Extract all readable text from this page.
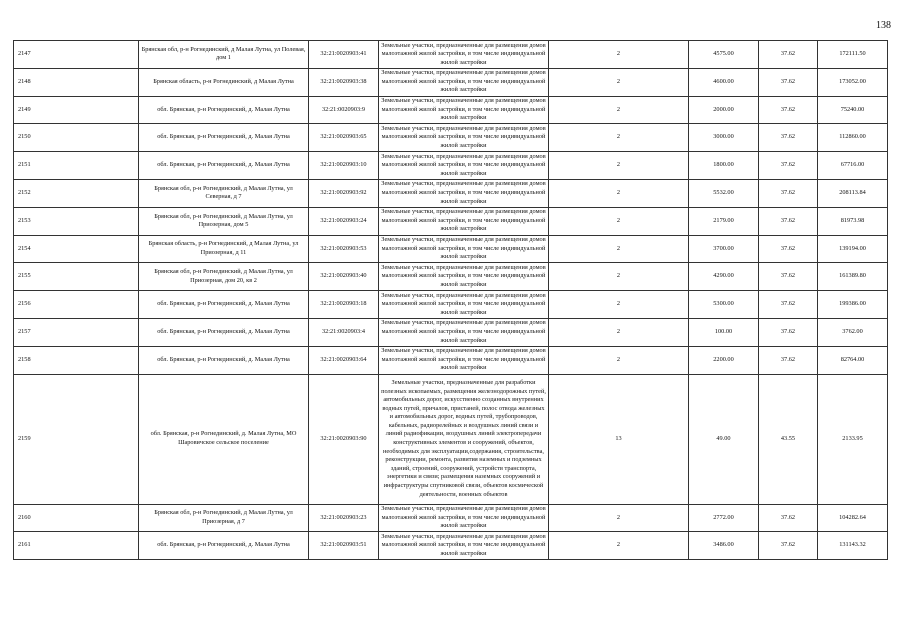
138
2147	Брянская обл, р-н Рогнединский, д Малая Лутна, ул Полевая, дом 1	32:21:0020903:41	Земельные участки, предназначенные для размещения домов малоэтажной жилой застройки, в том числе индивидуальной жилой застройки	2	4575.00	37.62	172111.50
2148	Брянская область, р-н Рогнединский, д Малая Лутна	32:21:0020903:38	Земельные участки, предназначенные для размещения домов малоэтажной жилой застройки, в том числе индивидуальной жилой застройки	2	4600.00	37.62	173052.00
2149	обл. Брянская, р-н Рогнединский, д. Малая Лутна	32:21:0020903:9	Земельные участки, предназначенные для размещения домов малоэтажной жилой застройки, в том числе индивидуальной жилой застройки	2	2000.00	37.62	75240.00
2150	обл. Брянская, р-н Рогнединский, д. Малая Лутна	32:21:0020903:65	Земельные участки, предназначенные для размещения домов малоэтажной жилой застройки, в том числе индивидуальной жилой застройки	2	3000.00	37.62	112860.00
2151	обл. Брянская, р-н Рогнединский, д. Малая Лутна	32:21:0020903:10	Земельные участки, предназначенные для размещения домов малоэтажной жилой застройки, в том числе индивидуальной жилой застройки	2	1800.00	37.62	67716.00
2152	Брянская обл, р-н Рогнединский, д Малая Лутна, ул Северная, д 7	32:21:0020903:92	Земельные участки, предназначенные для размещения домов малоэтажной жилой застройки, в том числе индивидуальной жилой застройки	2	5532.00	37.62	208113.84
2153	Брянская обл, р-н Рогнединский, д Малая Лутна, ул Приозерная, дом 5	32:21:0020903:24	Земельные участки, предназначенные для размещения домов малоэтажной жилой застройки, в том числе индивидуальной жилой застройки	2	2179.00	37.62	81973.98
2154	Брянская область, р-н Рогнединский, д Малая Лутна, ул Приозерная, д 11	32:21:0020903:53	Земельные участки, предназначенные для размещения домов малоэтажной жилой застройки, в том числе индивидуальной жилой застройки	2	3700.00	37.62	139194.00
2155	Брянская обл, р-н Рогнединский, д Малая Лутна, ул Приозерная, дом 20, кв 2	32:21:0020903:40	Земельные участки, предназначенные для размещения домов малоэтажной жилой застройки, в том числе индивидуальной жилой застройки	2	4290.00	37.62	161389.80
2156	обл. Брянская, р-н Рогнединский, д. Малая Лутна	32:21:0020903:18	Земельные участки, предназначенные для размещения домов малоэтажной жилой застройки, в том числе индивидуальной жилой застройки	2	5300.00	37.62	199386.00
2157	обл. Брянская, р-н Рогнединский, д. Малая Лутна	32:21:0020903:4	Земельные участки, предназначенные для размещения домов малоэтажной жилой застройки, в том числе индивидуальной жилой застройки	2	100.00	37.62	3762.00
2158	обл. Брянская, р-н Рогнединский, д. Малая Лутна	32:21:0020903:64	Земельные участки, предназначенные для размещения домов малоэтажной жилой застройки, в том числе индивидуальной жилой застройки	2	2200.00	37.62	82764.00
2159	обл. Брянская, р-н Рогнединский, д. Малая Лутна, МО Шаровичское сельское поселение	32:21:0020903:90	Земельные участки, предназначенные для разработки полезных ископаемых, размещения железнодорожных путей, автомобильных дорог, искусственно созданных внутренних водных путей, причалов, пристаней, полос отвода железных и автомобильных дорог, водных путей, трубопроводов, кабельных, радиорелейных и воздушных линий связи и линий радиофикации, воздушных линий электропередачи конструктивных элементов и сооружений, объектов, необходимых для эксплуатации,содержания, строительства, реконструкции, ремонта, развития наземных и подземных зданий, строений, сооружений, устройств транспорта, энергетики и связи; размещения наземных сооружений и инфраструктуры спутниковой связи, объектов космической деятельности, военных объектов	13	49.00	43.55	2133.95
2160	Брянская обл, р-н Рогнединский, д Малая Лутна, ул Приозерная, д 7	32:21:0020903:23	Земельные участки, предназначенные для размещения домов малоэтажной жилой застройки, в том числе индивидуальной жилой застройки	2	2772.00	37.62	104282.64
2161	обл. Брянская, р-н Рогнединский, д. Малая Лутна	32:21:0020903:51	Земельные участки, предназначенные для размещения домов малоэтажной жилой застройки, в том числе индивидуальной жилой застройки	2	3486.00	37.62	131143.32
